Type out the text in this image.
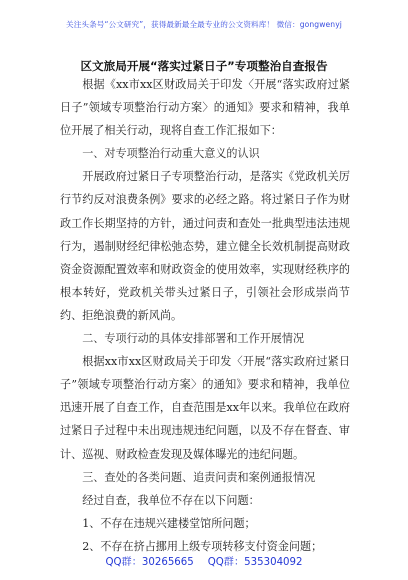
关注头条号“公文研究”，获得最新最全最专业的公文资料库！ 微信：gongwenyj
区文旅局开展“落实过紧日子”专项整治自查报告

根据《xx市xx区财政局关于印发〈开展“落实政府过紧日子”领域专项整治行动方案〉的通知》要求和精神，我单位开展了相关行动，现将自查工作汇报如下：

一、对专项整治行动重大意义的认识

开展政府过紧日子专项整治行动，是落实《党政机关厉行节约反对浪费条例》要求的必经之路。将过紧日子作为财政工作长期坚持的方针，通过问责和查处一批典型违法违规行为，遏制财经纪律松弛态势，建立健全长效机制提高财政资金资源配置效率和财政资金的使用效率，实现财经秩序的根本转好，党政机关带头过紧日子，引领社会形成崇尚节约、拒绝浪费的新风尚。

二、专项行动的具体安排部署和工作开展情况

根据xx市xx区财政局关于印发〈开展“落实政府过紧日子”领域专项整治行动方案〉的通知》要求和精神，我单位迅速开展了自查工作，自查范围是xx年以来。我单位在政府过紧日子过程中未出现违规违纪问题，以及不存在督查、审计、巡视、财政检查发现及媒体曝光的违纪问题。

三、查处的各类问题、追责问责和案例通报情况

经过自查，我单位不存在以下问题：

1、不存在违规兴建楼堂馆所问题；

2、不存在挤占挪用上级专项转移支付资金问题；

QQ群：30265665 QQ群：535304092
